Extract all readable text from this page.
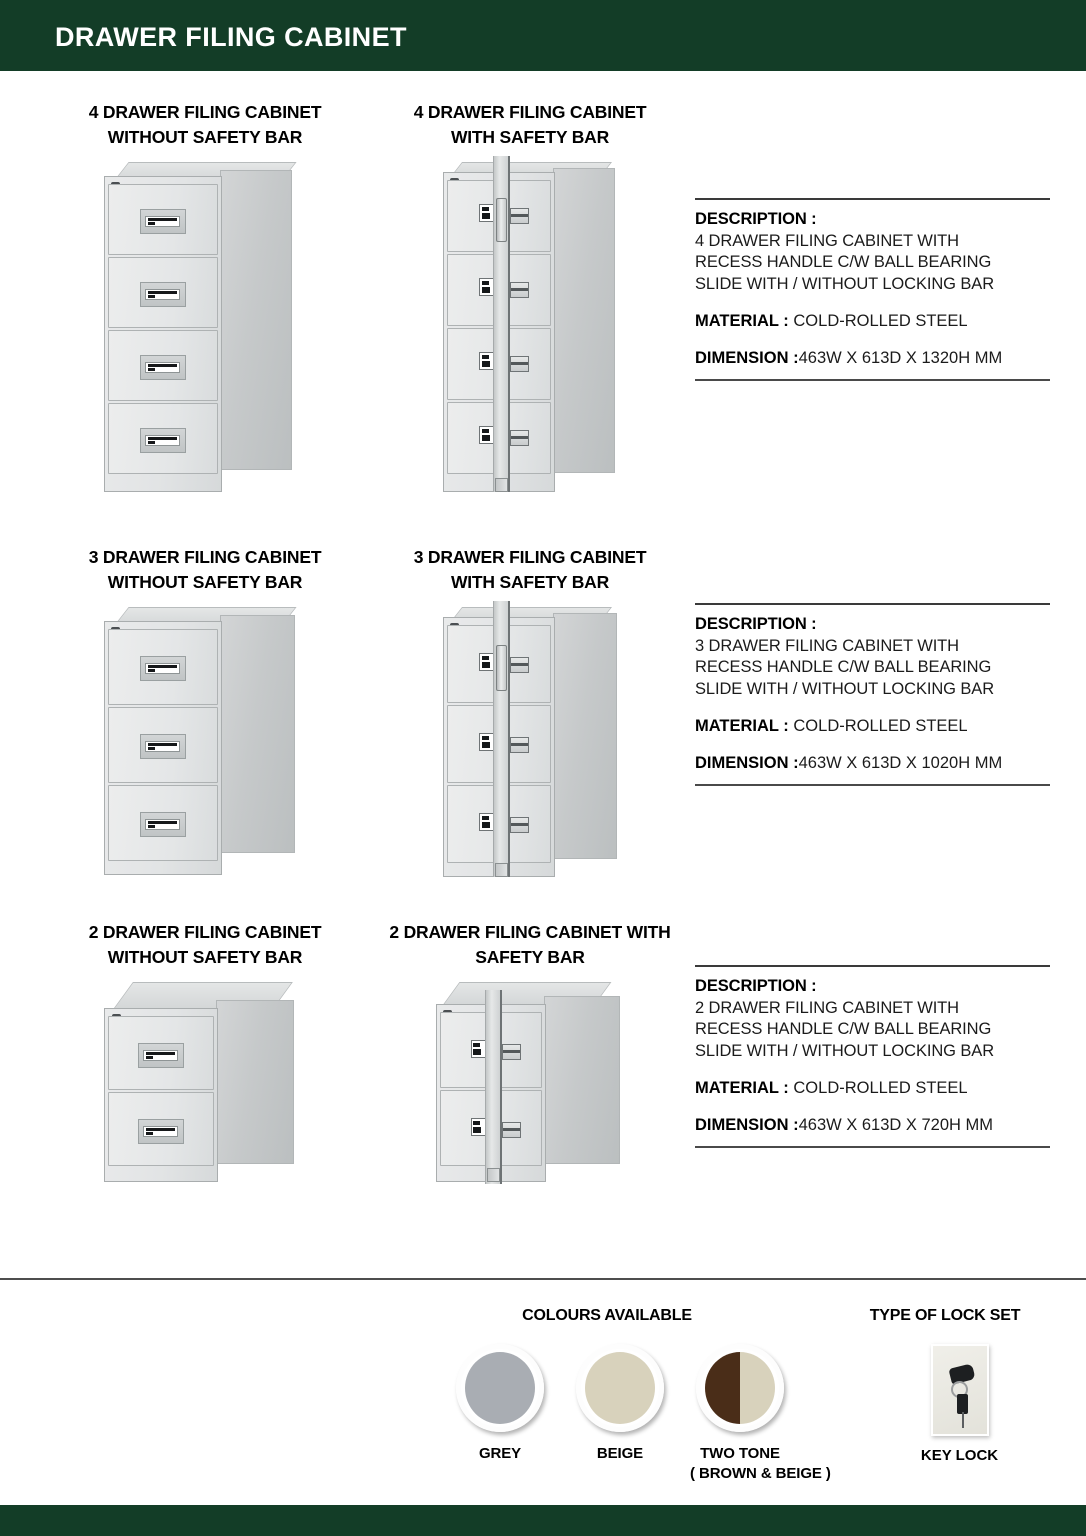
DRAWER FILING CABINET
4 DRAWER FILING CABINET
WITHOUT SAFETY BAR
4 DRAWER FILING CABINET
WITH SAFETY BAR
DESCRIPTION :
4 DRAWER FILING CABINET WITH
RECESS HANDLE C/W BALL BEARING
SLIDE WITH / WITHOUT LOCKING BAR
MATERIAL : COLD-ROLLED STEEL
DIMENSION :463W X 613D X 1320H MM
3 DRAWER FILING CABINET
WITHOUT SAFETY BAR
3 DRAWER FILING CABINET
WITH SAFETY BAR
DESCRIPTION :
3 DRAWER FILING CABINET WITH
RECESS HANDLE C/W BALL BEARING
SLIDE WITH / WITHOUT LOCKING BAR
MATERIAL : COLD-ROLLED STEEL
DIMENSION :463W X 613D X 1020H MM
2 DRAWER FILING CABINET
WITHOUT SAFETY BAR
2 DRAWER FILING CABINET WITH
SAFETY BAR
DESCRIPTION :
2 DRAWER FILING CABINET WITH
RECESS HANDLE C/W BALL BEARING
SLIDE WITH / WITHOUT LOCKING BAR
MATERIAL : COLD-ROLLED STEEL
DIMENSION :463W X 613D X 720H MM
COLOURS AVAILABLE	TYPE OF LOCK SET
GREY	BEIGE	TWO TONE
( BROWN & BEIGE )
KEY LOCK
